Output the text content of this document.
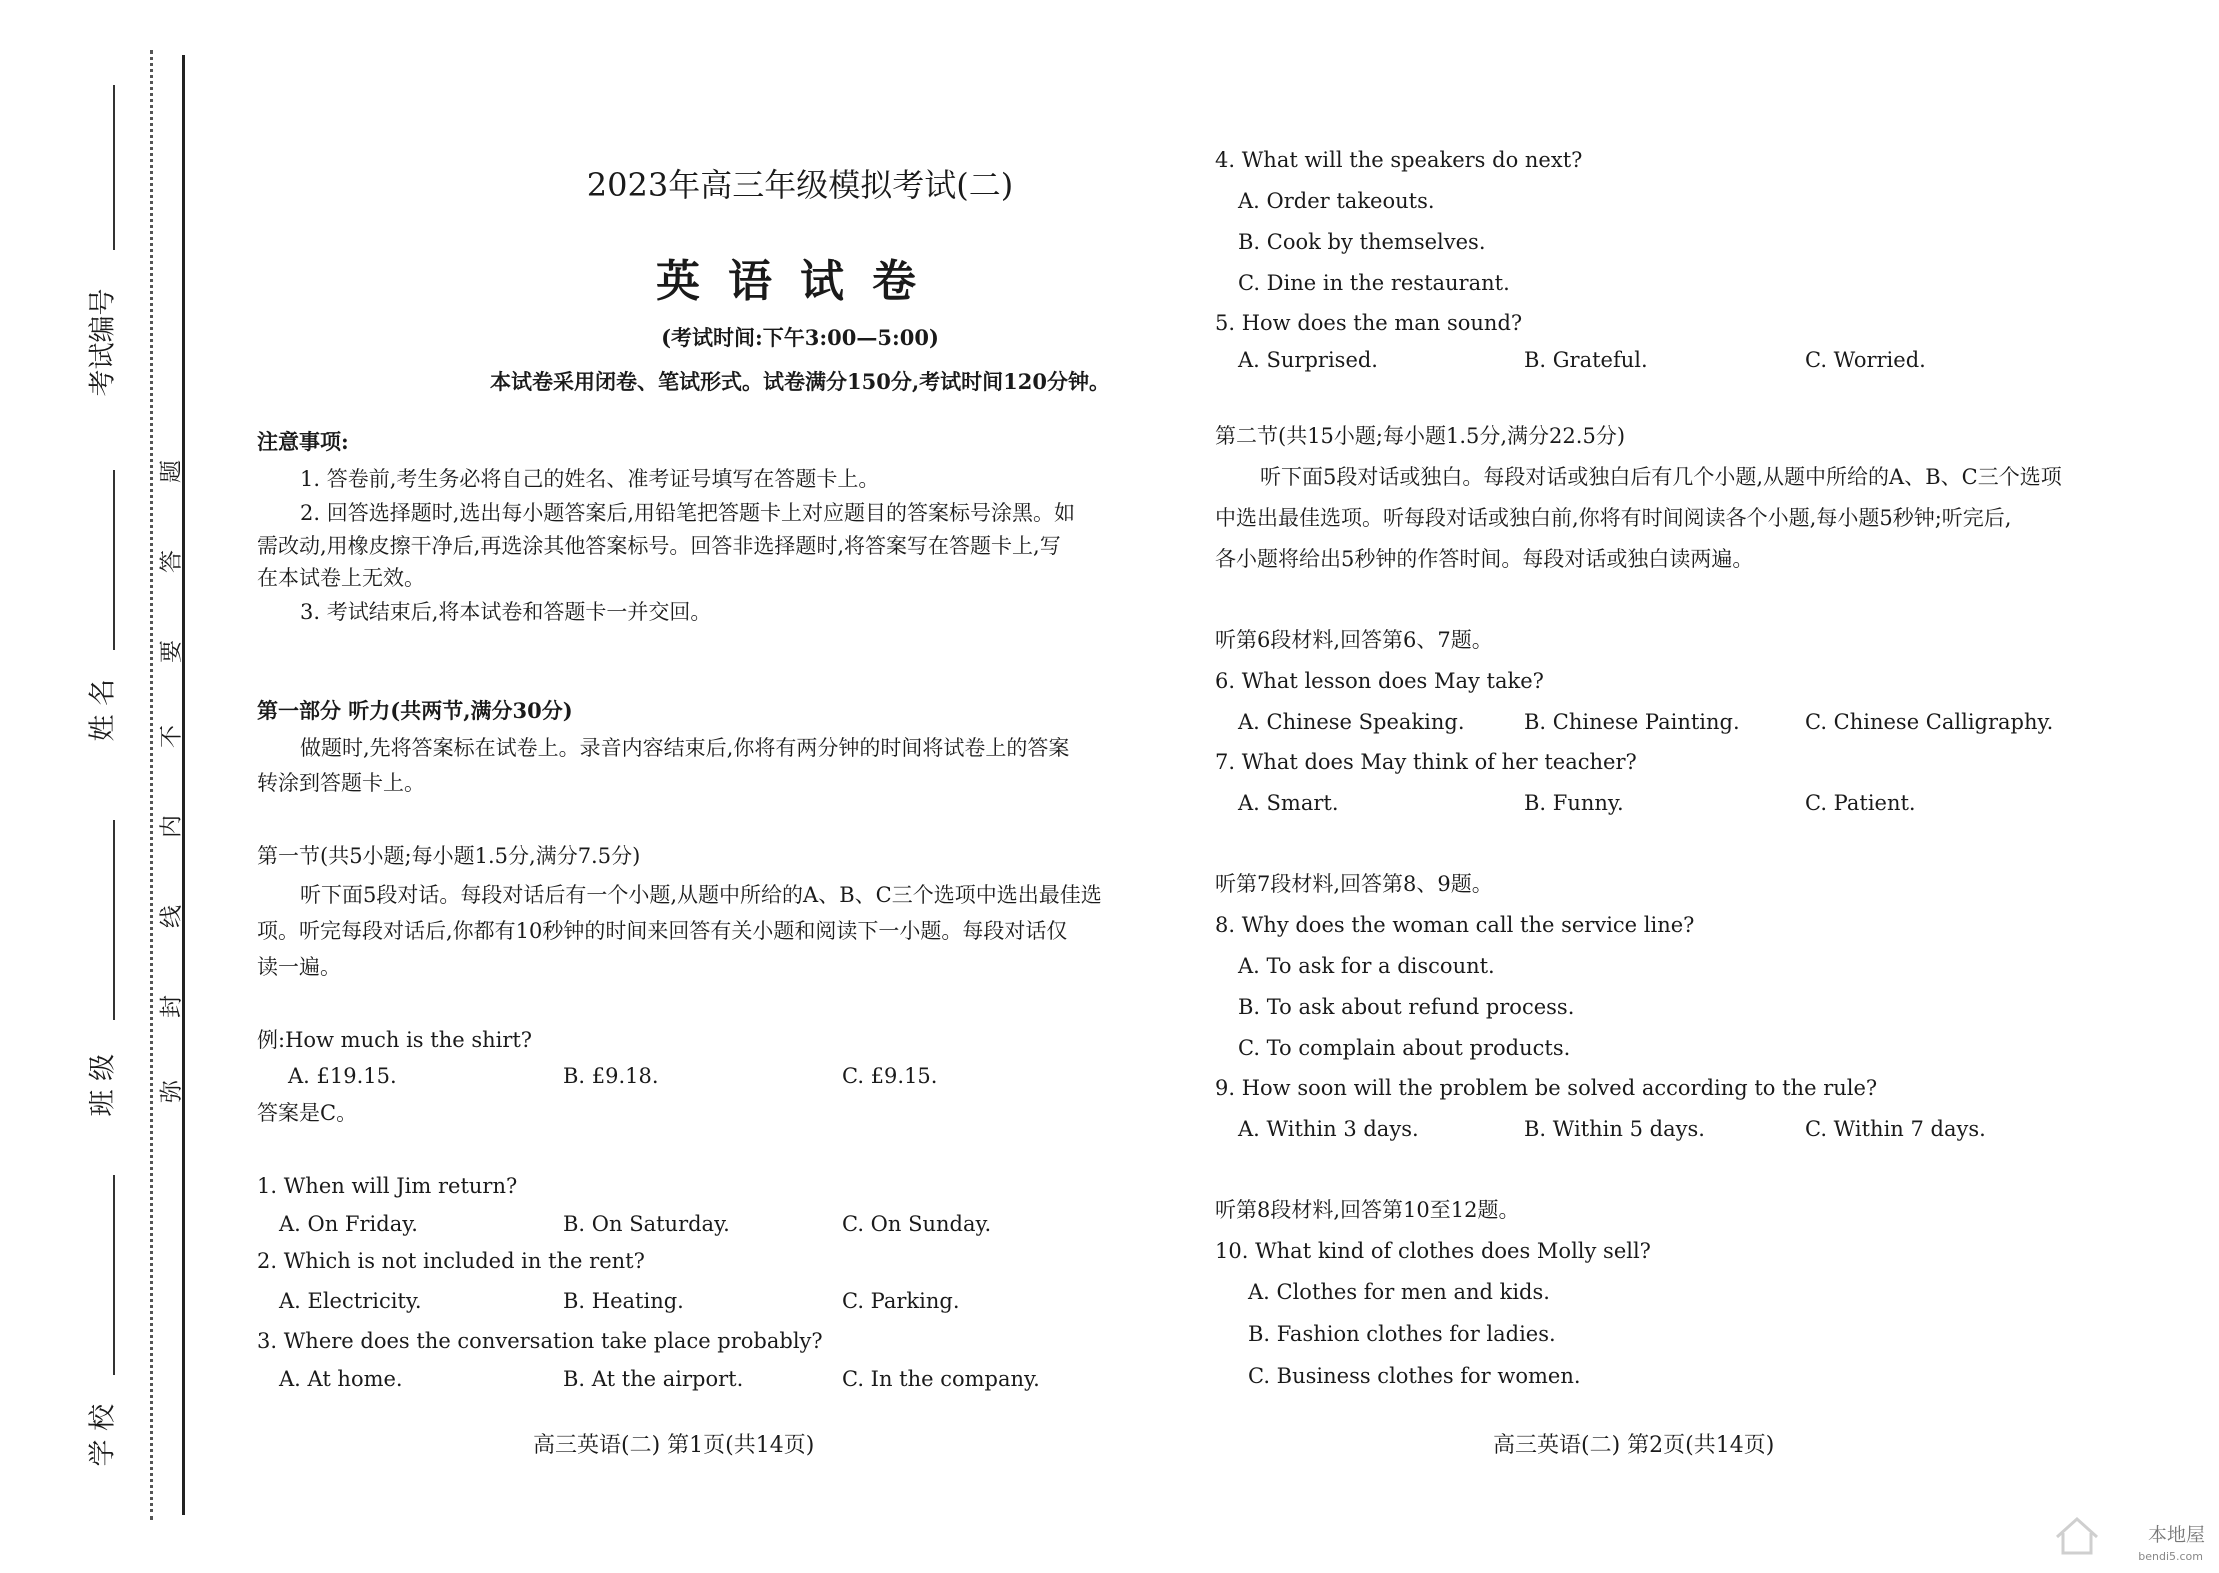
考试编号
姓 名
班 级
学 校
题
答
要
不
内
线
封
弥
2023年高三年级模拟考试(二)
英语试卷
(考试时间:下午3:00—5:00)
本试卷采用闭卷、笔试形式。试卷满分150分,考试时间120分钟。
注意事项:
1. 答卷前,考生务必将自己的姓名、准考证号填写在答题卡上。
2. 回答选择题时,选出每小题答案后,用铅笔把答题卡上对应题目的答案标号涂黑。如
需改动,用橡皮擦干净后,再选涂其他答案标号。回答非选择题时,将答案写在答题卡上,写
在本试卷上无效。
3. 考试结束后,将本试卷和答题卡一并交回。
第一部分 听力(共两节,满分30分)
做题时,先将答案标在试卷上。录音内容结束后,你将有两分钟的时间将试卷上的答案
转涂到答题卡上。
第一节(共5小题;每小题1.5分,满分7.5分)
听下面5段对话。每段对话后有一个小题,从题中所给的A、B、C三个选项中选出最佳选
项。听完每段对话后,你都有10秒钟的时间来回答有关小题和阅读下一小题。每段对话仅
读一遍。
例:How much is the shirt?
A. £19.15.	B. £9.18.	C. £9.15.
答案是C。
1. When will Jim return?
A. On Friday.	B. On Saturday.	C. On Sunday.
2. Which is not included in the rent?
A. Electricity.	B. Heating.	C. Parking.
3. Where does the conversation take place probably?
A. At home.	B. At the airport.	C. In the company.
高三英语(二) 第1页(共14页)
4. What will the speakers do next?
A. Order takeouts.
B. Cook by themselves.
C. Dine in the restaurant.
5. How does the man sound?
A. Surprised.	B. Grateful.	C. Worried.
第二节(共15小题;每小题1.5分,满分22.5分)
听下面5段对话或独白。每段对话或独白后有几个小题,从题中所给的A、B、C三个选项
中选出最佳选项。听每段对话或独白前,你将有时间阅读各个小题,每小题5秒钟;听完后,
各小题将给出5秒钟的作答时间。每段对话或独白读两遍。
听第6段材料,回答第6、7题。
6. What lesson does May take?
A. Chinese Speaking.	B. Chinese Painting.	C. Chinese Calligraphy.
7. What does May think of her teacher?
A. Smart.	B. Funny.	C. Patient.
听第7段材料,回答第8、9题。
8. Why does the woman call the service line?
A. To ask for a discount.
B. To ask about refund process.
C. To complain about products.
9. How soon will the problem be solved according to the rule?
A. Within 3 days.	B. Within 5 days.	C. Within 7 days.
听第8段材料,回答第10至12题。
10. What kind of clothes does Molly sell?
A. Clothes for men and kids.
B. Fashion clothes for ladies.
C. Business clothes for women.
高三英语(二) 第2页(共14页)
本地屋
bendi5.com
